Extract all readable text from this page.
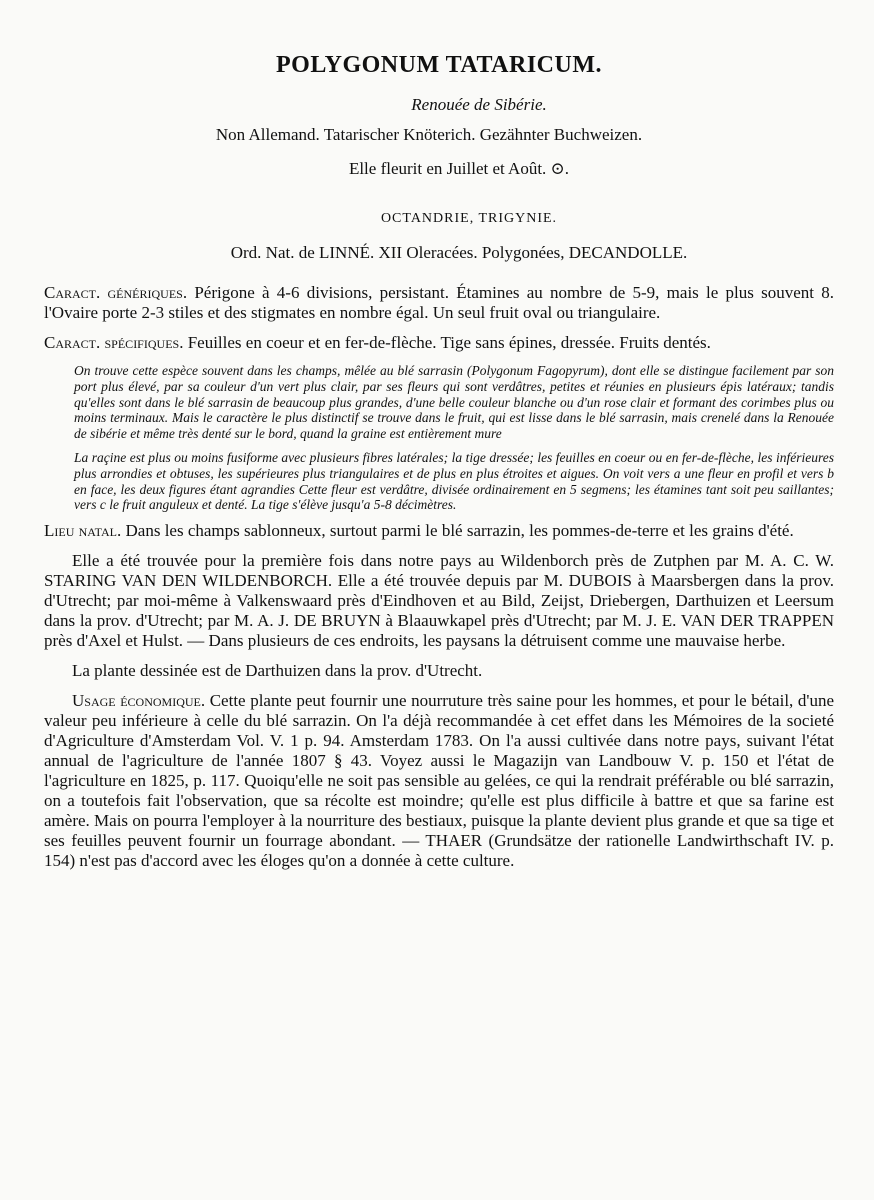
POLYGONUM TATARICUM.
Renouée de Sibérie.
Non Allemand. Tatarischer Knöterich. Gezähnter Buchweizen.
Elle fleurit en Juillet et Août. ⊙.
OCTANDRIE, TRIGYNIE.
Ord. Nat. de LINNÉ. XII Oleracées. Polygonées, DECANDOLLE.

Caract. génériques. Périgone à 4-6 divisions, persistant. Étamines au nombre de 5-9, mais le plus souvent 8. l'Ovaire porte 2-3 stiles et des stigmates en nombre égal. Un seul fruit oval ou triangulaire.

Caract. spécifiques. Feuilles en coeur et en fer-de-flèche. Tige sans épines, dressée. Fruits dentés.

On trouve cette espèce souvent dans les champs, mêlée au blé sarrasin (Polygonum Fagopyrum), dont elle se distingue facilement par son port plus élevé, par sa couleur d'un vert plus clair, par ses fleurs qui sont verdâtres, petites et réunies en plusieurs épis latéraux; tandis qu'elles sont dans le blé sarrasin de beaucoup plus grandes, d'une belle couleur blanche ou d'un rose clair et formant des corimbes plus ou moins terminaux. Mais le caractère le plus distinctif se trouve dans le fruit, qui est lisse dans le blé sarrasin, mais crenelé dans la Renouée de sibérie et même très denté sur le bord, quand la graine est entièrement mure
La raçine est plus ou moins fusiforme avec plusieurs fibres latérales; la tige dressée; les feuilles en coeur ou en fer-de-flèche, les inférieures plus arrondies et obtuses, les supérieures plus triangulaires et de plus en plus étroites et aigues. On voit vers a une fleur en profil et vers b en face, les deux figures étant agrandies Cette fleur est verdâtre, divisée ordinairement en 5 segmens; les étamines tant soit peu saillantes; vers c le fruit anguleux et denté. La tige s'élève jusqu'a 5-8 décimètres.

Lieu natal. Dans les champs sablonneux, surtout parmi le blé sarrazin, les pommes-de-terre et les grains d'été.

Elle a été trouvée pour la première fois dans notre pays au Wildenborch près de Zutphen par M. A. C. W. STARING VAN DEN WILDENBORCH. Elle a été trouvée depuis par M. DUBOIS à Maarsbergen dans la prov. d'Utrecht; par moi-même à Valkenswaard près d'Eindhoven et au Bild, Zeijst, Driebergen, Darthuizen et Leersum dans la prov. d'Utrecht; par M. A. J. DE BRUYN à Blaauwkapel près d'Utrecht; par M. J. E. VAN DER TRAPPEN près d'Axel et Hulst. — Dans plusieurs de ces endroits, les paysans la détruisent comme une mauvaise herbe.

La plante dessinée est de Darthuizen dans la prov. d'Utrecht.

Usage économique. Cette plante peut fournir une nourruture très saine pour les hommes, et pour le bétail, d'une valeur peu inférieure à celle du blé sarrazin. On l'a déjà recommandée à cet effet dans les Mémoires de la societé d'Agriculture d'Amsterdam Vol. V. 1 p. 94. Amsterdam 1783. On l'a aussi cultivée dans notre pays, suivant l'état annual de l'agriculture de l'année 1807 § 43. Voyez aussi le Magazijn van Landbouw V. p. 150 et l'état de l'agriculture en 1825, p. 117. Quoiqu'elle ne soit pas sensible au gelées, ce qui la rendrait préférable ou blé sarrazin, on a toutefois fait l'observation, que sa récolte est moindre; qu'elle est plus difficile à battre et que sa farine est amère. Mais on pourra l'employer à la nourriture des bestiaux, puisque la plante devient plus grande et que sa tige et ses feuilles peuvent fournir un fourrage abondant. — THAER (Grundsätze der rationelle Landwirthschaft IV. p. 154) n'est pas d'accord avec les éloges qu'on a donnée à cette culture.
